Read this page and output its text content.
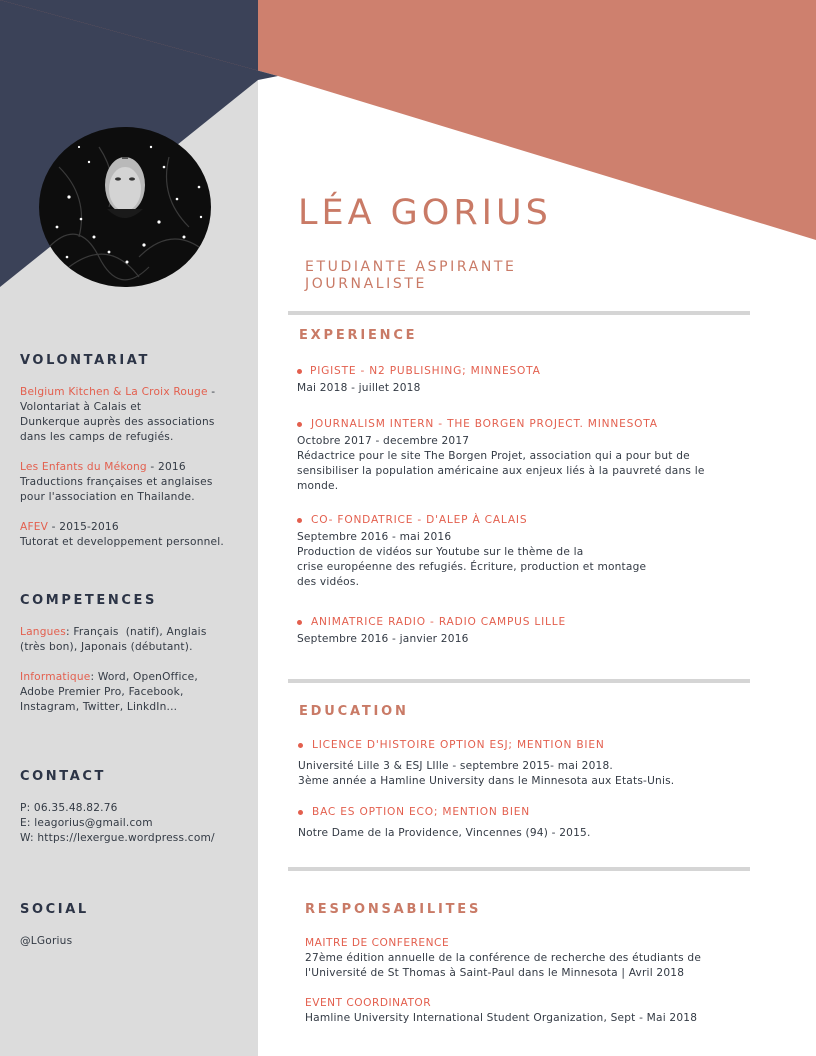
VOLONTARIAT
Belgium Kitchen & La Croix Rouge -
Volontariat à Calais et
Dunkerque auprès des associations
dans les camps de refugiés.
Les Enfants du Mékong - 2016
Traductions françaises et anglaises
pour l'association en Thailande.
AFEV - 2015-2016
Tutorat et developpement personnel.
COMPETENCES
Langues: Français  (natif), Anglais
(très bon), Japonais (débutant).
Informatique: Word, OpenOffice,
Adobe Premier Pro, Facebook,
Instagram, Twitter, LinkdIn...
CONTACT
P: 06.35.48.82.76
E: leagorius@gmail.com
W: https://lexergue.wordpress.com/
SOCIAL
@LGorius
LÉA GORIUS
ETUDIANTE ASPIRANTE
JOURNALISTE
EXPERIENCE
PIGISTE - N2 PUBLISHING; MINNESOTA
Mai 2018 - juillet 2018
JOURNALISM INTERN - THE BORGEN PROJECT. MINNESOTA
Octobre 2017 - decembre 2017
Rédactrice pour le site The Borgen Projet, association qui a pour but de
sensibiliser la population américaine aux enjeux liés à la pauvreté dans le
monde.
CO- FONDATRICE - D'ALEP À CALAIS
Septembre 2016 - mai 2016
Production de vidéos sur Youtube sur le thème de la
crise européenne des refugiés. Écriture, production et montage
des vidéos.
ANIMATRICE RADIO - RADIO CAMPUS LILLE
Septembre 2016 - janvier 2016
EDUCATION
LICENCE D'HISTOIRE OPTION ESJ; MENTION BIEN
Université Lille 3 & ESJ LIlle - septembre 2015- mai 2018.
3ème année a Hamline University dans le Minnesota aux Etats-Unis.
BAC ES OPTION ECO; MENTION BIEN
Notre Dame de la Providence, Vincennes (94) - 2015.
RESPONSABILITES
MAITRE DE CONFERENCE
27ème édition annuelle de la conférence de recherche des étudiants de
l'Université de St Thomas à Saint-Paul dans le Minnesota | Avril 2018
EVENT COORDINATOR
Hamline University International Student Organization, Sept - Mai 2018
